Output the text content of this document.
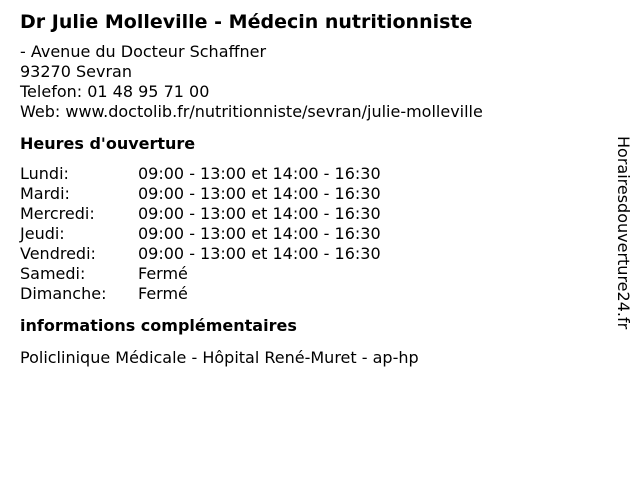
Dr Julie Molleville - Médecin nutritionniste
- Avenue du Docteur Schaffner
93270 Sevran
Telefon: 01 48 95 71 00
Web: www.doctolib.fr/nutritionniste/sevran/julie-molleville
Heures d'ouverture
Lundi:	09:00 - 13:00 et 14:00 - 16:30
Mardi:	09:00 - 13:00 et 14:00 - 16:30
Mercredi:	09:00 - 13:00 et 14:00 - 16:30
Jeudi:	09:00 - 13:00 et 14:00 - 16:30
Vendredi:	09:00 - 13:00 et 14:00 - 16:30
Samedi:	Fermé
Dimanche:	Fermé
informations complémentaires
Policlinique Médicale - Hôpital René-Muret - ap-hp
Horairesdouverture24.fr
